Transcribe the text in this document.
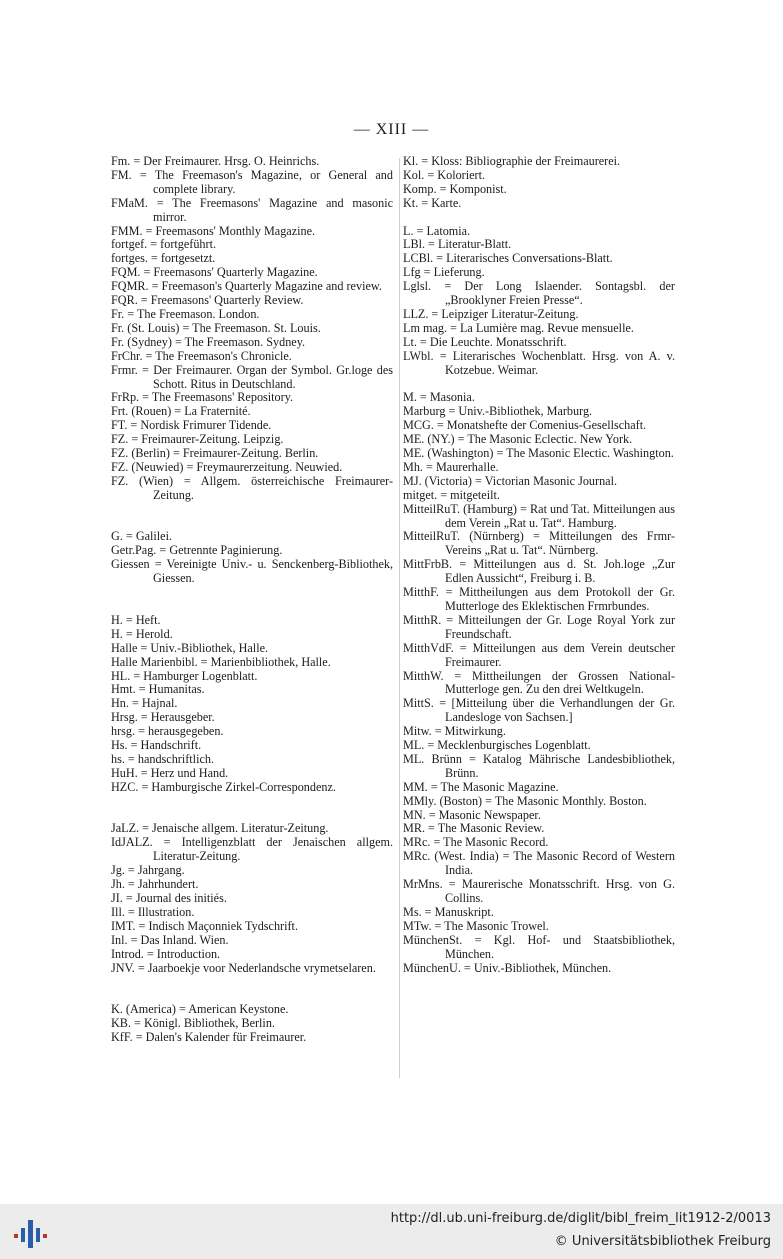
— XIII —
Fm. = Der Freimaurer. Hrsg. O. Heinrichs.
FM. = The Freemason's Magazine, or General and complete library.
FMaM. = The Freemasons' Magazine and masonic mirror.
FMM. = Freemasons' Monthly Magazine.
fortgef. = fortgeführt.
fortges. = fortgesetzt.
FQM. = Freemasons' Quarterly Magazine.
FQMR. = Freemason's Quarterly Magazine and review.
FQR. = Freemasons' Quarterly Review.
Fr. = The Freemason. London.
Fr. (St. Louis) = The Freemason. St. Louis.
Fr. (Sydney) = The Freemason. Sydney.
FrChr. = The Freemason's Chronicle.
Frmr. = Der Freimaurer. Organ der Symbol. Gr.loge des Schott. Ritus in Deutschland.
FrRp. = The Freemasons' Repository.
Frt. (Rouen) = La Fraternité.
FT. = Nordisk Frimurer Tidende.
FZ. = Freimaurer-Zeitung. Leipzig.
FZ. (Berlin) = Freimaurer-Zeitung. Berlin.
FZ. (Neuwied) = Freymaurerzeitung. Neuwied.
FZ. (Wien) = Allgem. österreichische Freimaurer-Zeitung.
G. = Galilei.
Getr.Pag. = Getrennte Paginierung.
Giessen = Vereinigte Univ.- u. Senckenberg-Bibliothek, Giessen.
H. = Heft.
H. = Herold.
Halle = Univ.-Bibliothek, Halle.
Halle Marienbibl. = Marienbibliothek, Halle.
HL. = Hamburger Logenblatt.
Hmt. = Humanitas.
Hn. = Hajnal.
Hrsg. = Herausgeber.
hrsg. = herausgegeben.
Hs. = Handschrift.
hs. = handschriftlich.
HuH. = Herz und Hand.
HZC. = Hamburgische Zirkel-Correspondenz.
JaLZ. = Jenaische allgem. Literatur-Zeitung.
IdJALZ. = Intelligenzblatt der Jenaischen allgem. Literatur-Zeitung.
Jg. = Jahrgang.
Jh. = Jahrhundert.
JI. = Journal des initiés.
Ill. = Illustration.
IMT. = Indisch Maçonniek Tydschrift.
Inl. = Das Inland. Wien.
Introd. = Introduction.
JNV. = Jaarboekje voor Nederlandsche vrymetselaren.
K. (America) = American Keystone.
KB. = Königl. Bibliothek, Berlin.
KfF. = Dalen's Kalender für Freimaurer.
Kl. = Kloss: Bibliographie der Freimaurerei.
Kol. = Koloriert.
Komp. = Komponist.
Kt. = Karte.
L. = Latomia.
LBl. = Literatur-Blatt.
LCBl. = Literarisches Conversations-Blatt.
Lfg = Lieferung.
Lglsl. = Der Long Islaender. Sontagsbl. der „Brooklyner Freien Presse“.
LLZ. = Leipziger Literatur-Zeitung.
Lm mag. = La Lumière mag. Revue mensuelle.
Lt. = Die Leuchte. Monatsschrift.
LWbl. = Literarisches Wochenblatt. Hrsg. von A. v. Kotzebue. Weimar.
M. = Masonia.
Marburg = Univ.-Bibliothek, Marburg.
MCG. = Monatshefte der Comenius-Gesellschaft.
ME. (NY.) = The Masonic Eclectic. New York.
ME. (Washington) = The Masonic Electic. Washington.
Mh. = Maurerhalle.
MJ. (Victoria) = Victorian Masonic Journal.
mitget. = mitgeteilt.
MitteilRuT. (Hamburg) = Rat und Tat. Mitteilungen aus dem Verein „Rat u. Tat“. Hamburg.
MitteilRuT. (Nürnberg) = Mitteilungen des Frmr-Vereins „Rat u. Tat“. Nürnberg.
MittFrbB. = Mitteilungen aus d. St. Joh.loge „Zur Edlen Aussicht“, Freiburg i. B.
MitthF. = Mittheilungen aus dem Protokoll der Gr. Mutterloge des Eklektischen Frmrbundes.
MitthR. = Mitteilungen der Gr. Loge Royal York zur Freundschaft.
MitthVdF. = Mitteilungen aus dem Verein deutscher Freimaurer.
MitthW. = Mittheilungen der Grossen National-Mutterloge gen. Zu den drei Weltkugeln.
MittS. = [Mitteilung über die Verhandlungen der Gr. Landesloge von Sachsen.]
Mitw. = Mitwirkung.
ML. = Mecklenburgisches Logenblatt.
ML. Brünn = Katalog Mährische Landesbibliothek, Brünn.
MM. = The Masonic Magazine.
MMly. (Boston) = The Masonic Monthly. Boston.
MN. = Masonic Newspaper.
MR. = The Masonic Review.
MRc. = The Masonic Record.
MRc. (West. India) = The Masonic Record of Western India.
MrMns. = Maurerische Monatsschrift. Hrsg. von G. Collins.
Ms. = Manuskript.
MTw. = The Masonic Trowel.
MünchenSt. = Kgl. Hof- und Staatsbibliothek, München.
MünchenU. = Univ.-Bibliothek, München.
http://dl.ub.uni-freiburg.de/diglit/bibl_freim_lit1912-2/0013
© Universitätsbibliothek Freiburg
